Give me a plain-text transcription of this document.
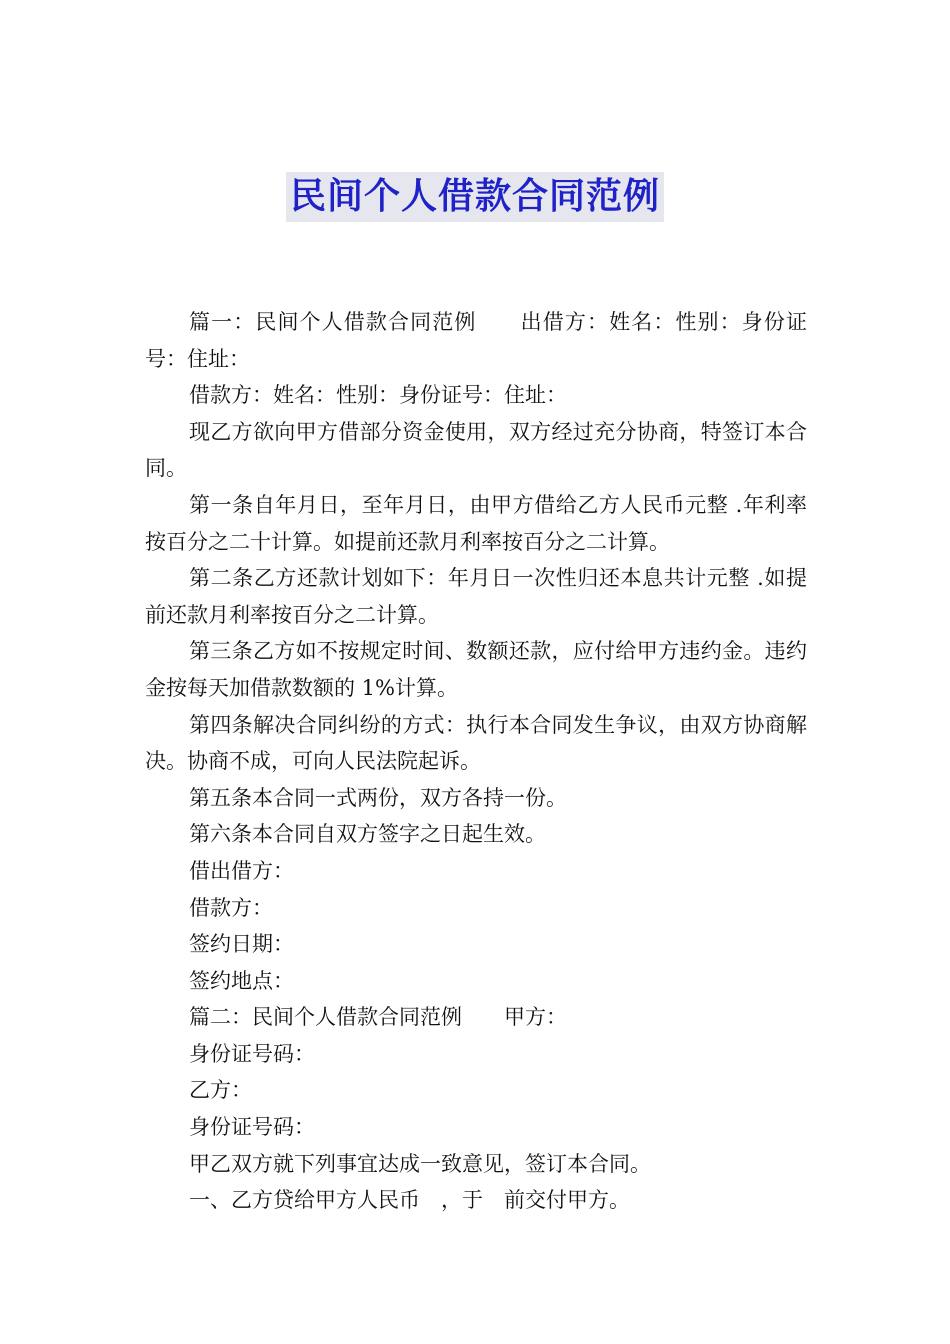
民间个人借款合同范例

篇一：民间个人借款合同范例　　出借方：姓名：性别：身份证号：住址：

借款方：姓名：性别：身份证号：住址：

现乙方欲向甲方借部分资金使用，双方经过充分协商，特签订本合同。

第一条自年月日，至年月日，由甲方借给乙方人民币元整 .年利率按百分之二十计算。如提前还款月利率按百分之二计算。

第二条乙方还款计划如下：年月日一次性归还本息共计元整 .如提前还款月利率按百分之二计算。

第三条乙方如不按规定时间、数额还款，应付给甲方违约金。违约金按每天加借款数额的 1%计算。

第四条解决合同纠纷的方式：执行本合同发生争议，由双方协商解决。协商不成，可向人民法院起诉。

第五条本合同一式两份，双方各持一份。

第六条本合同自双方签字之日起生效。

借出借方：

借款方：

签约日期：

签约地点：

篇二：民间个人借款合同范例　　甲方：

身份证号码：

乙方：

身份证号码：

甲乙双方就下列事宜达成一致意见，签订本合同。

一、乙方贷给甲方人民币　，于　前交付甲方。
